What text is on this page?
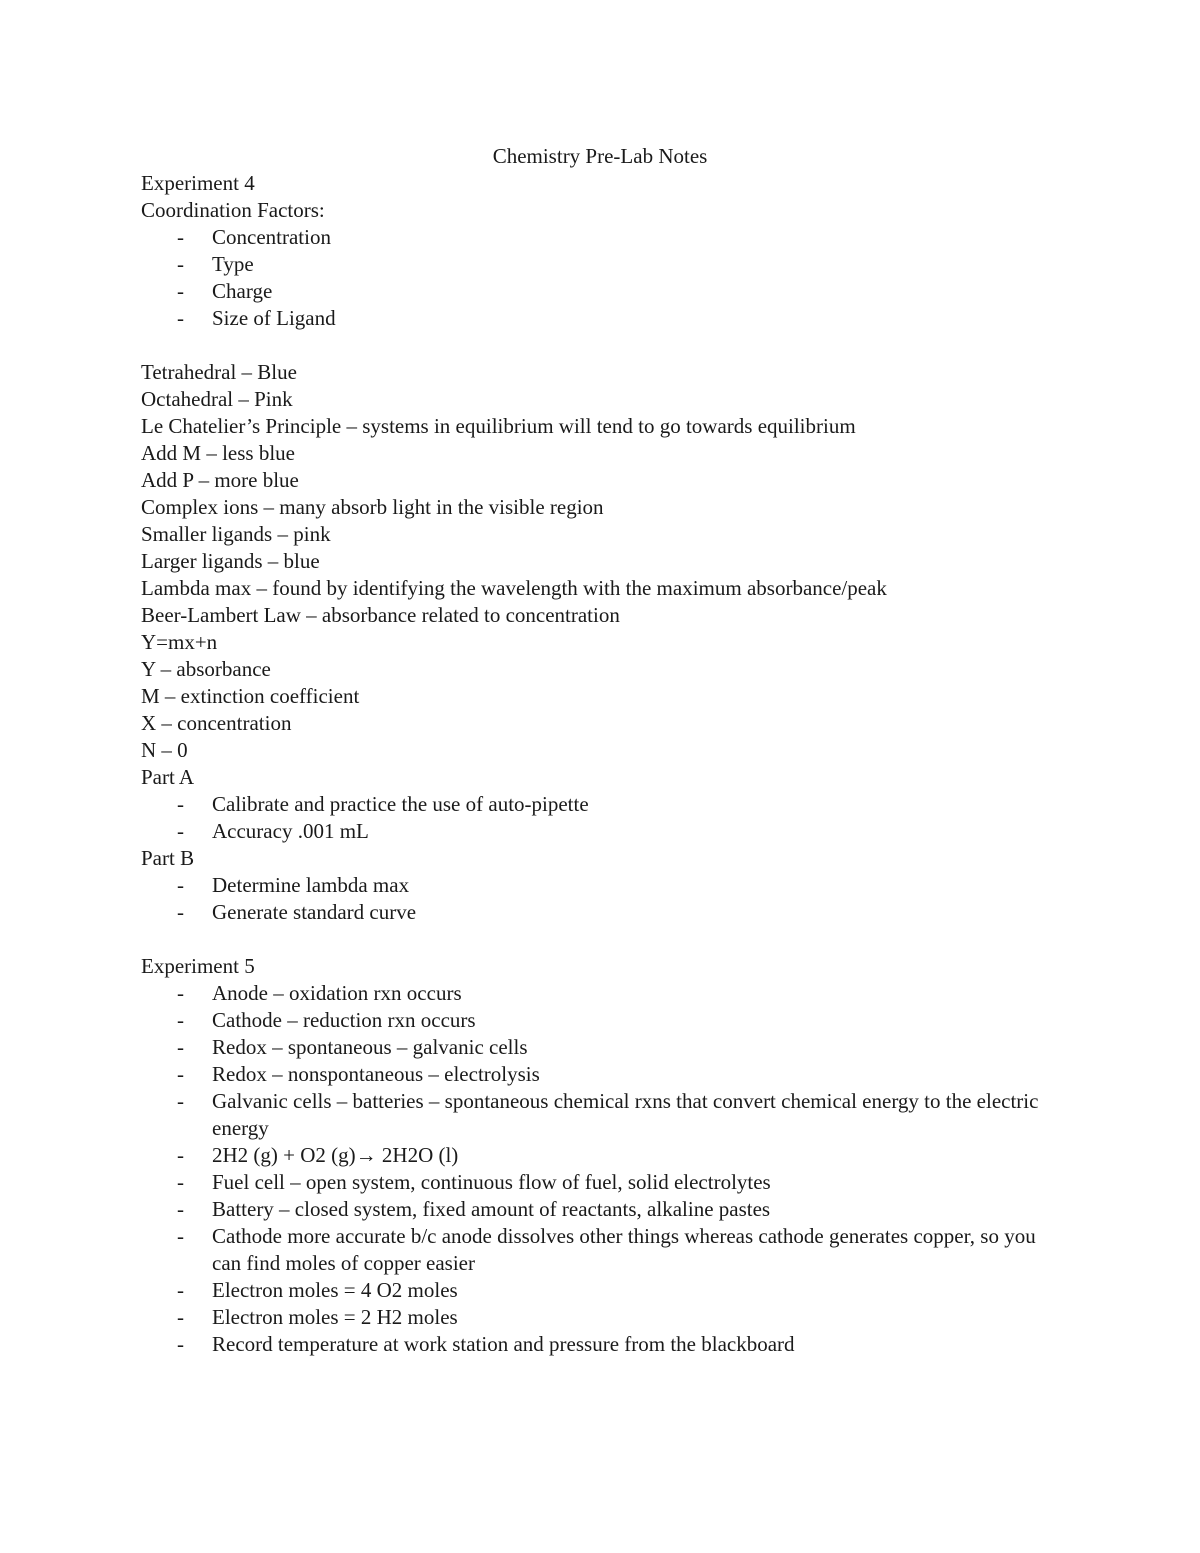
Chemistry Pre-Lab Notes
Experiment 4
Coordination Factors:
- Concentration
- Type
- Charge
- Size of Ligand
Tetrahedral – Blue
Octahedral – Pink
Le Chatelier’s Principle – systems in equilibrium will tend to go towards equilibrium
Add M – less blue
Add P – more blue
Complex ions – many absorb light in the visible region
Smaller ligands – pink
Larger ligands – blue
Lambda max – found by identifying the wavelength with the maximum absorbance/peak
Beer-Lambert Law – absorbance related to concentration
Y=mx+n
Y – absorbance
M – extinction coefficient
X – concentration
N – 0
Part A
- Calibrate and practice the use of auto-pipette
- Accuracy .001 mL
Part B
- Determine lambda max
- Generate standard curve
Experiment 5
- Anode – oxidation rxn occurs
- Cathode – reduction rxn occurs
- Redox – spontaneous – galvanic cells
- Redox – nonspontaneous – electrolysis
- Galvanic cells – batteries – spontaneous chemical rxns that convert chemical energy to the electric energy
- 2H2 (g) + O2 (g)→ 2H2O (l)
- Fuel cell – open system, continuous flow of fuel, solid electrolytes
- Battery – closed system, fixed amount of reactants, alkaline pastes
- Cathode more accurate b/c anode dissolves other things whereas cathode generates copper, so you can find moles of copper easier
- Electron moles = 4 O2 moles
- Electron moles = 2 H2 moles
- Record temperature at work station and pressure from the blackboard
